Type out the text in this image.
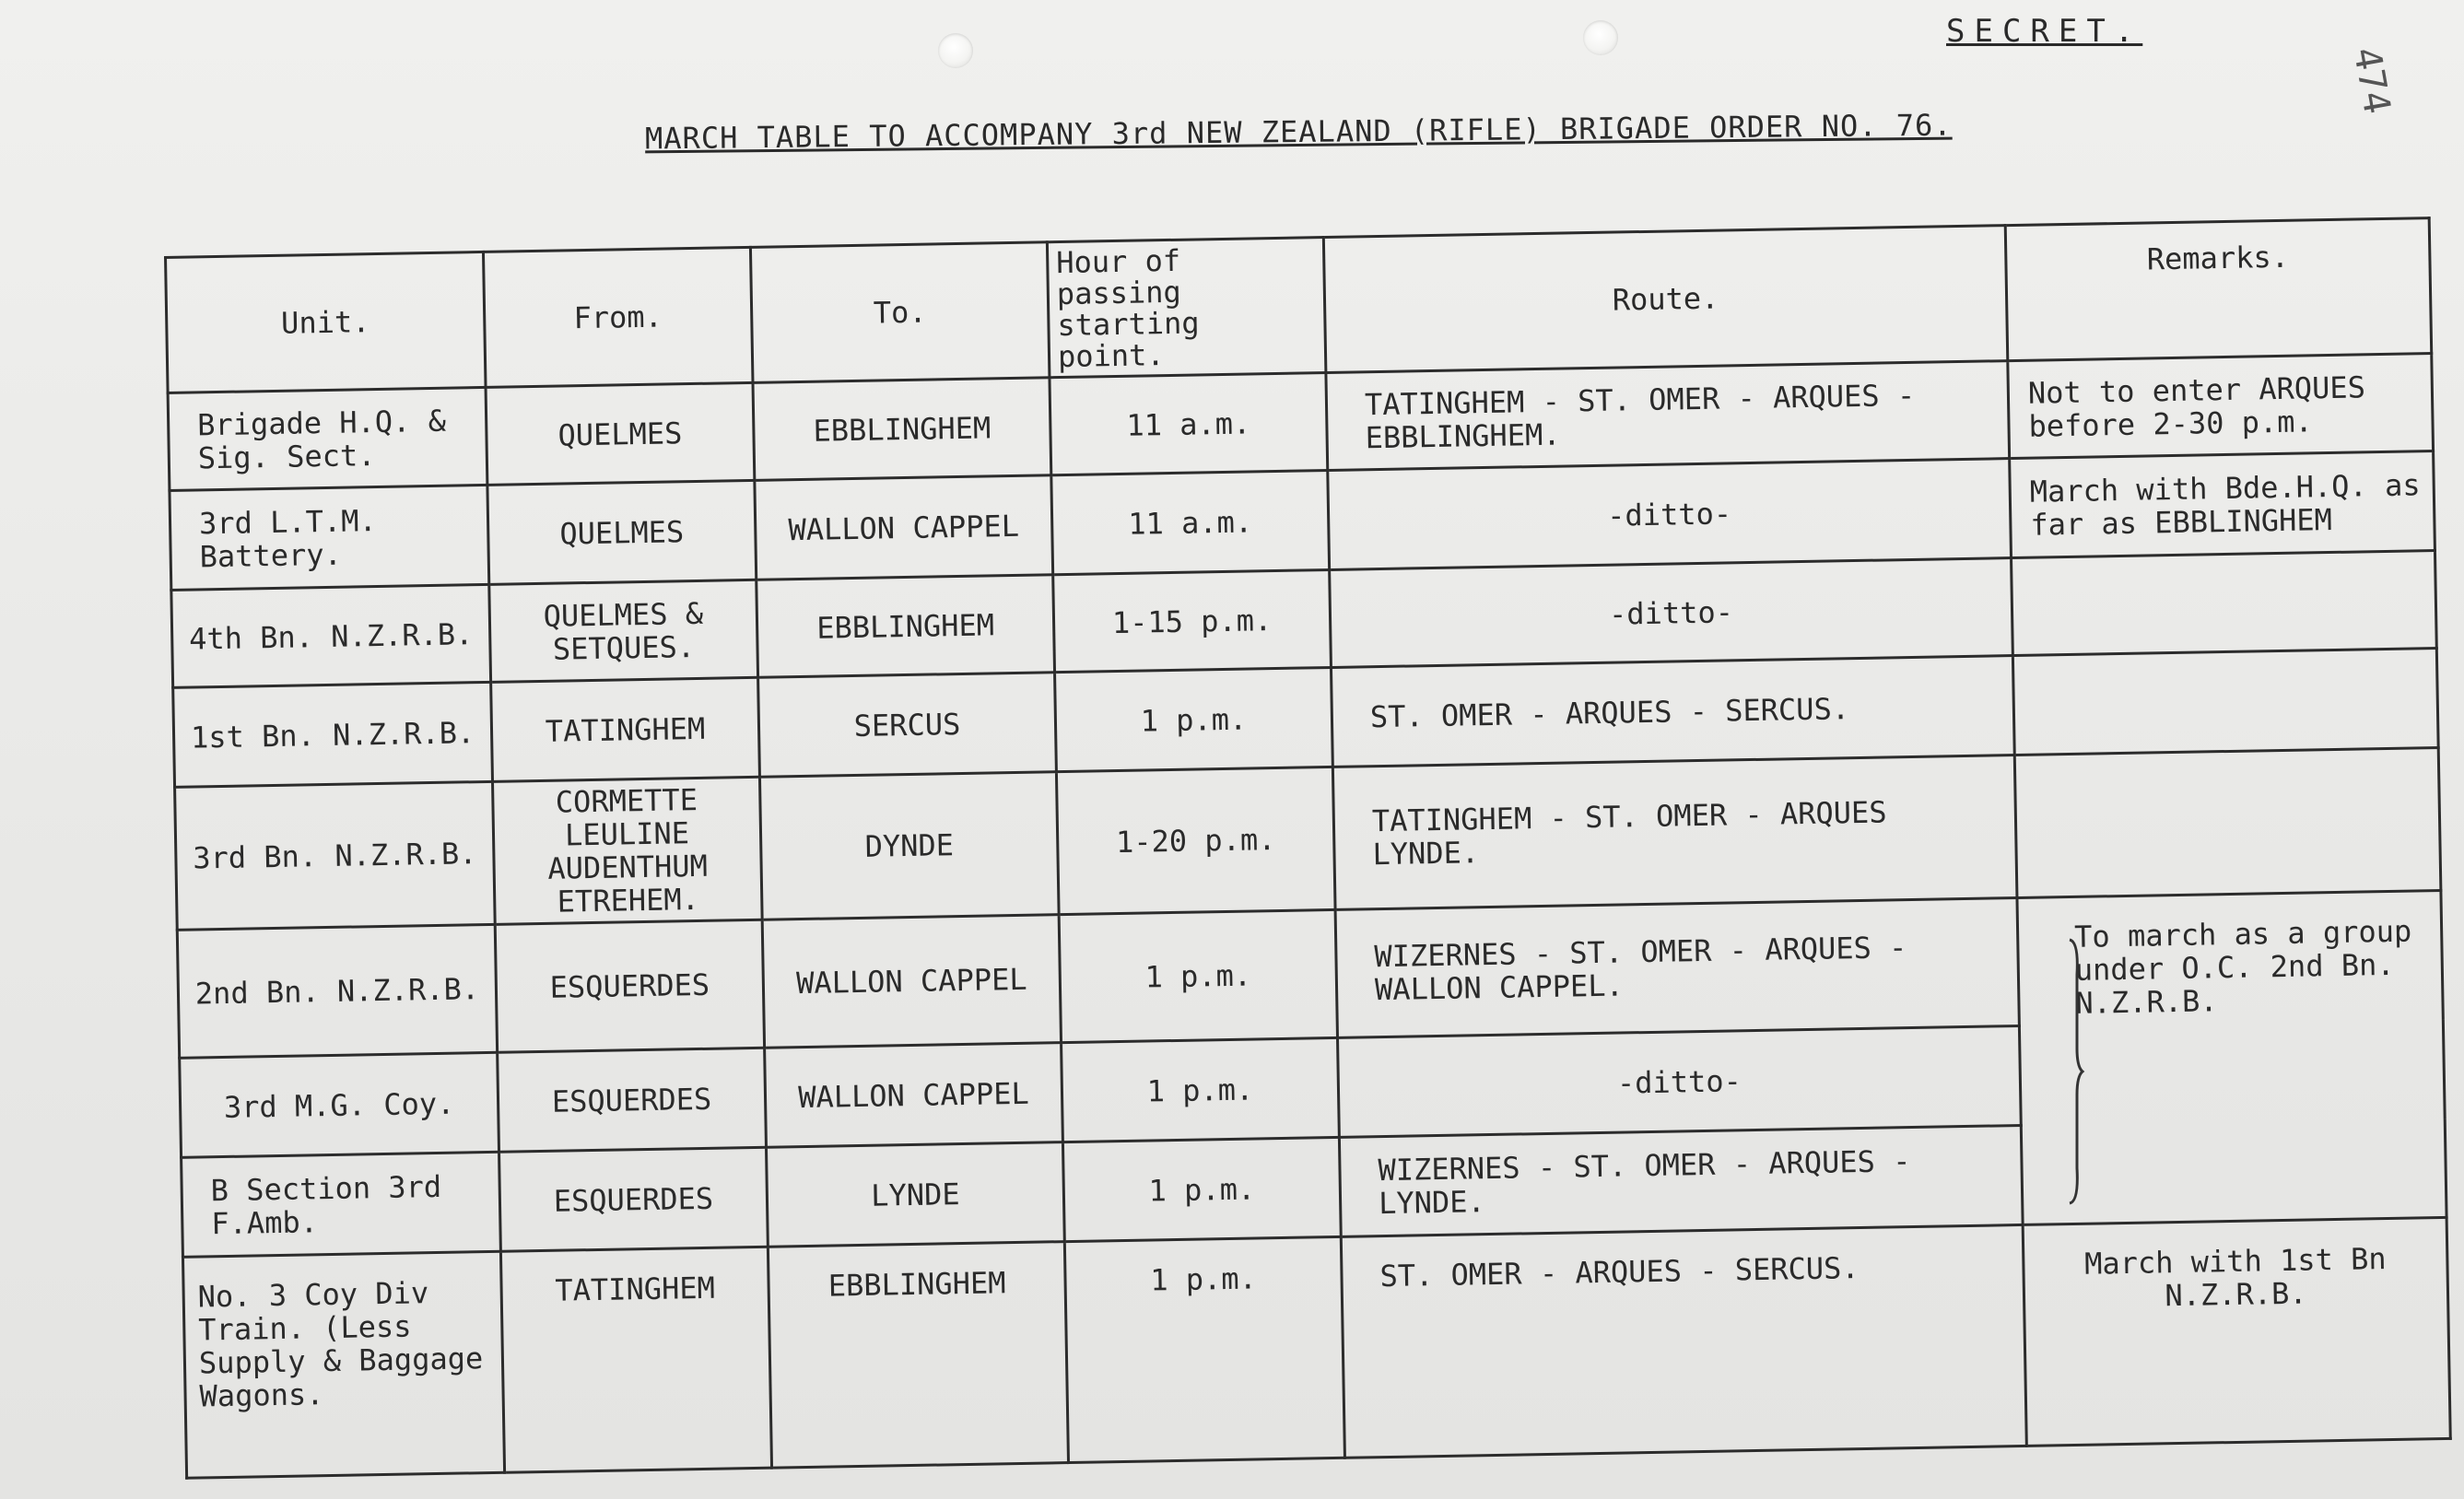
SECRET.
474
MARCH TABLE TO ACCOMPANY 3rd NEW ZEALAND (RIFLE) BRIGADE ORDER NO. 76.
Unit.	From.	To.	Hour of passing starting point.	Route.	Remarks.
Brigade H.Q. & Sig. Sect.	QUELMES	EBBLINGHEM	11 a.m.	TATINGHEM - ST. OMER - ARQUES - EBBLINGHEM.	Not to enter ARQUES before 2-30 p.m.
3rd L.T.M. Battery.	QUELMES	WALLON CAPPEL	11 a.m.	-ditto-	March with Bde.H.Q. as far as EBBLINGHEM
4th Bn. N.Z.R.B.	QUELMES & SETQUES.	EBBLINGHEM	1-15 p.m.	-ditto-	
1st Bn. N.Z.R.B.	TATINGHEM	SERCUS	1 p.m.	ST. OMER - ARQUES - SERCUS.	
3rd Bn. N.Z.R.B.	CORMETTE LEULINE AUDENTHUM ETREHEM.	DYNDE	1-20 p.m.	TATINGHEM - ST. OMER - ARQUES LYNDE.	
2nd Bn. N.Z.R.B.	ESQUERDES	WALLON CAPPEL	1 p.m.	WIZERNES - ST. OMER - ARQUES - WALLON CAPPEL.	To march as a group under O.C. 2nd Bn. N.Z.R.B.
3rd M.G. Coy.	ESQUERDES	WALLON CAPPEL	1 p.m.	-ditto-	
B Section 3rd F.Amb.	ESQUERDES	LYNDE	1 p.m.	WIZERNES - ST. OMER - ARQUES - LYNDE.	
No. 3 Coy Div Train. (Less Supply & Baggage Wagons.	TATINGHEM	EBBLINGHEM	1 p.m.	ST. OMER - ARQUES - SERCUS.	March with 1st Bn N.Z.R.B.
